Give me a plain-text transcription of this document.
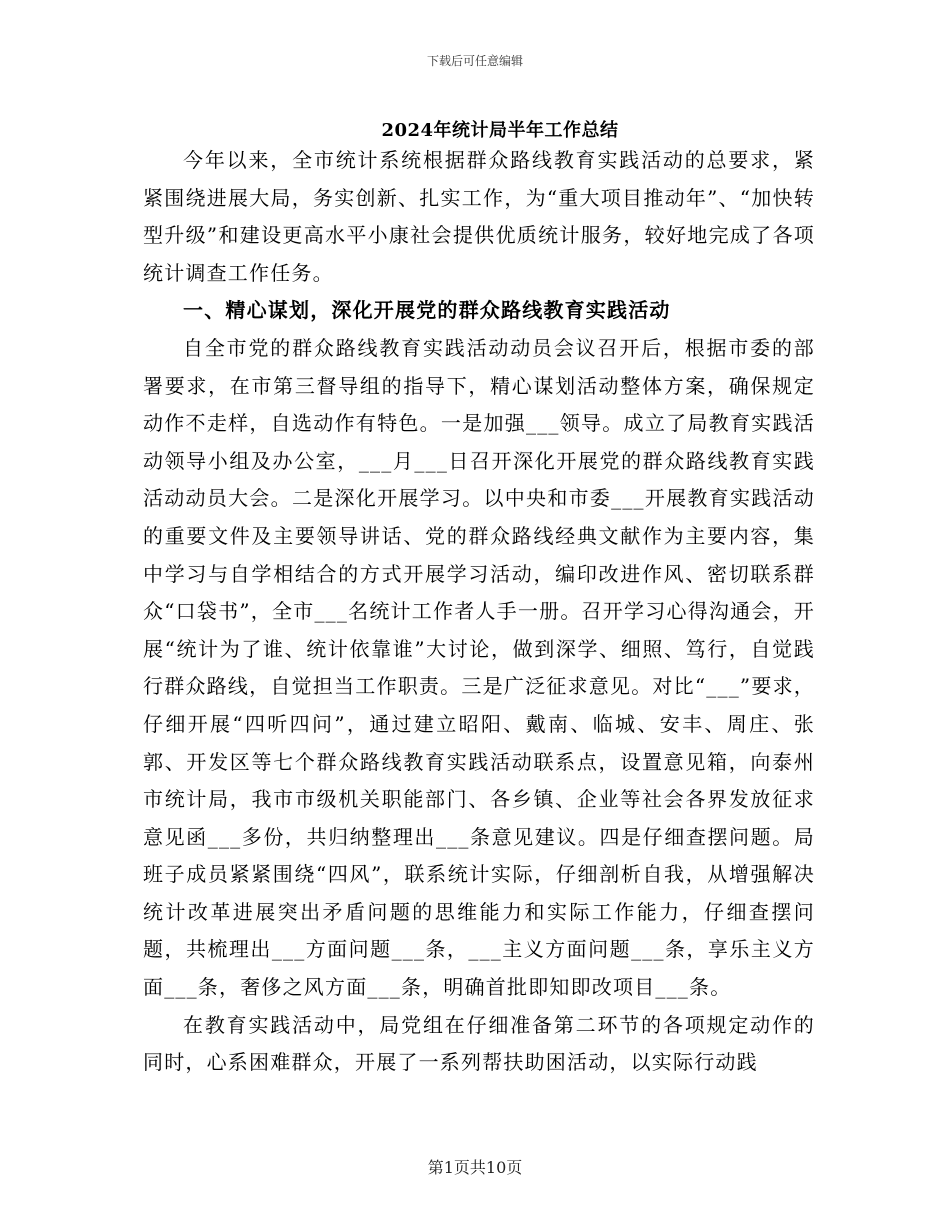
下载后可任意编辑
2024年统计局半年工作总结

今年以来，全市统计系统根据群众路线教育实践活动的总要求，紧紧围绕进展大局，务实创新、扎实工作，为“重大项目推动年”、“加快转型升级”和建设更高水平小康社会提供优质统计服务，较好地完成了各项统计调查工作任务。

一、精心谋划，深化开展党的群众路线教育实践活动

自全市党的群众路线教育实践活动动员会议召开后，根据市委的部署要求，在市第三督导组的指导下，精心谋划活动整体方案，确保规定动作不走样，自选动作有特色。一是加强___领导。成立了局教育实践活动领导小组及办公室，___月___日召开深化开展党的群众路线教育实践活动动员大会。二是深化开展学习。以中央和市委___开展教育实践活动的重要文件及主要领导讲话、党的群众路线经典文献作为主要内容，集中学习与自学相结合的方式开展学习活动，编印改进作风、密切联系群众“口袋书”，全市___名统计工作者人手一册。召开学习心得沟通会，开展“统计为了谁、统计依靠谁”大讨论，做到深学、细照、笃行，自觉践行群众路线，自觉担当工作职责。三是广泛征求意见。对比“___”要求，仔细开展“四听四问”，通过建立昭阳、戴南、临城、安丰、周庄、张郭、开发区等七个群众路线教育实践活动联系点，设置意见箱，向泰州市统计局，我市市级机关职能部门、各乡镇、企业等社会各界发放征求意见函___多份，共归纳整理出___条意见建议。四是仔细查摆问题。局班子成员紧紧围绕“四风”，联系统计实际，仔细剖析自我，从增强解决统计改革进展突出矛盾问题的思维能力和实际工作能力，仔细查摆问题，共梳理出___方面问题___条，___主义方面问题___条，享乐主义方面___条，奢侈之风方面___条，明确首批即知即改项目___条。

在教育实践活动中，局党组在仔细准备第二环节的各项规定动作的同时，心系困难群众，开展了一系列帮扶助困活动，以实际行动践

第1页共10页
